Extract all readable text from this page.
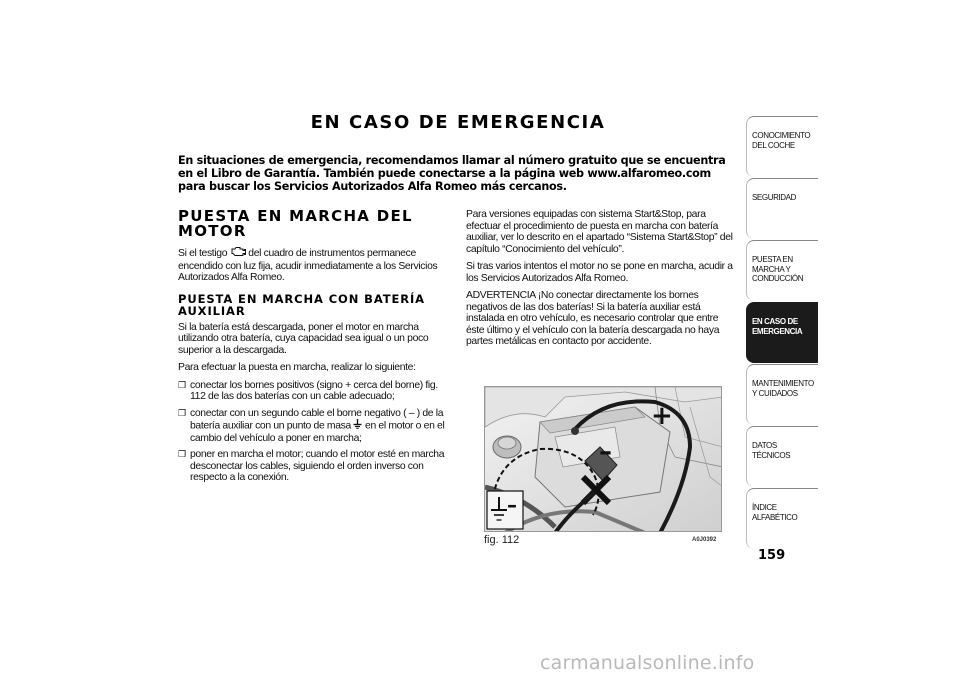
EN CASO DE EMERGENCIA
En situaciones de emergencia, recomendamos llamar al número gratuito que se encuentra en el Libro de Garantía. También puede conectarse a la página web www.alfaromeo.com para buscar los Servicios Autorizados Alfa Romeo más cercanos.
PUESTA EN MARCHA DEL MOTOR

Si el testigo del cuadro de instrumentos permanece encendido con luz fija, acudir inmediatamente a los Servicios Autorizados Alfa Romeo.

PUESTA EN MARCHA CON BATERÍA AUXILIAR

Si la batería está descargada, poner el motor en marcha utilizando otra batería, cuya capacidad sea igual o un poco superior a la descargada.

Para efectuar la puesta en marcha, realizar lo siguiente:

❒ conectar los bornes positivos (signo + cerca del borne) fig. 112 de las dos baterías con un cable adecuado;
❒ conectar con un segundo cable el borne negativo ( – ) de la batería auxiliar con un punto de masa en el motor o en el cambio del vehículo a poner en marcha;
❒ poner en marcha el motor; cuando el motor esté en marcha desconectar los cables, siguiendo el orden inverso con respecto a la conexión.

Para versiones equipadas con sistema Start&Stop, para efectuar el procedimiento de puesta en marcha con batería auxiliar, ver lo descrito en el apartado “Sistema Start&Stop” del capítulo “Conocimiento del vehículo”.

Si tras varios intentos el motor no se pone en marcha, acudir a los Servicios Autorizados Alfa Romeo.

ADVERTENCIA ¡No conectar directamente los bornes negativos de las dos baterías! Si la batería auxiliar está instalada en otro vehículo, es necesario controlar que entre éste último y el vehículo con la batería descargada no haya partes metálicas en contacto por accidente.

+
–
–
fig. 112	A0J0392
CONOCIMIENTO DEL COCHE
SEGURIDAD
PUESTA EN MARCHA Y CONDUCCIÓN
EN CASO DE EMERGENCIA
MANTENIMIENTO Y CUIDADOS
DATOS TÉCNICOS
ÍNDICE ALFABÉTICO
159
carmanualsonline.info
